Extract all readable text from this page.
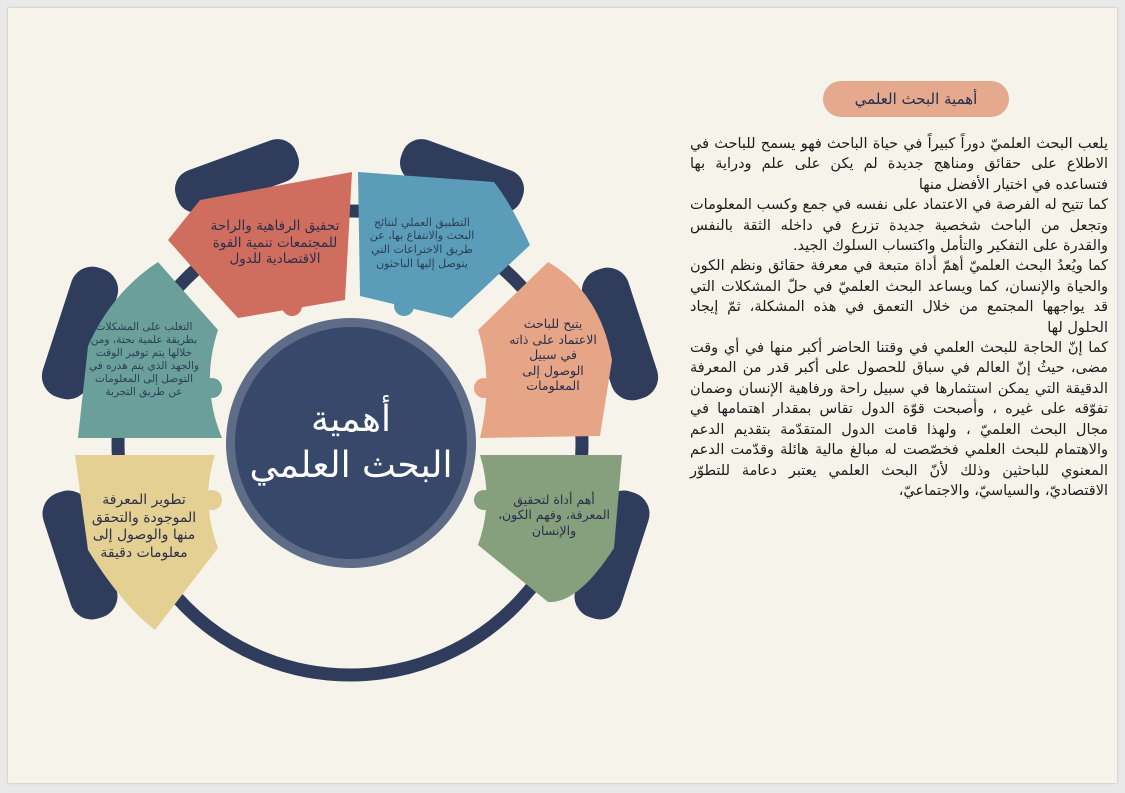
أهمية البحث العلمي

يلعب البحث العلميّ دوراً كبيراً في حياة الباحث فهو يسمح للباحث في الاطلاع على حقائق ومناهج جديدة لم يكن على علم ودراية بها فتساعده في اختيار الأفضل منها

كما تتيح له الفرصة في الاعتماد على نفسه في جمع وكسب المعلومات وتجعل من الباحث شخصية جديدة تزرع في داخله الثقة بالنفس والقدرة على التفكير والتأمل واكتساب السلوك الجيد.

كما ويُعدُ البحث العلميّ أهمّ أداة متبعة في معرفة حقائق ونظم الكون والحياة والإنسان، كما ويساعد البحث العلميّ في حلّ المشكلات التي قد يواجهها المجتمع من خلال التعمق في هذه المشكلة، ثمّ إيجاد الحلول لها

كما إنّ الحاجة للبحث العلمي في وقتنا الحاضر أكبر منها في أي وقت مضى، حيثُ إنّ العالم في سباق للحصول على أكبر قدر من المعرفة الدقيقة التي يمكن استثمارها في سبيل راحة ورفاهية الإنسان وضمان تفوّقه على غيره ، وأصبحت قوّة الدول تقاس بمقدار اهتمامها في مجال البحث العلميّ ، ولهذا قامت الدول المتقدّمة بتقديم الدعم والاهتمام للبحث العلمي فخصّصت له مبالغ مالية هائلة وقدّمت الدعم المعنوي للباحثين وذلك لأنّ البحث العلمي يعتبر دعامة للتطوّر الاقتصاديّ، والسياسيّ، والاجتماعيّ،

تحقيق الرفاهية والراحة للمجتمعات تنمية القوة الاقتصادية للدول
التطبيق العملي لنتائج البحث والانتفاع بها، عن طريق الاختراعات التي يتوصل إليها الباحثون
يتيح للباحث الاعتماد على ذاته في سبيل الوصول إلى المعلومات
أهم أداة لتحقيق المعرفة، وفهم الكون، والإنسان
تطوير المعرفة الموجودة والتحقق منها والوصول إلى معلومات دقيقة
التغلب على المشكلات بطريقة علمية بحتة، ومن خلالها يتم توفير الوقت والجهد الذي يتم هدره في التوصل إلى المعلومات عن طريق التجربة
أهمية
البحث العلمي
